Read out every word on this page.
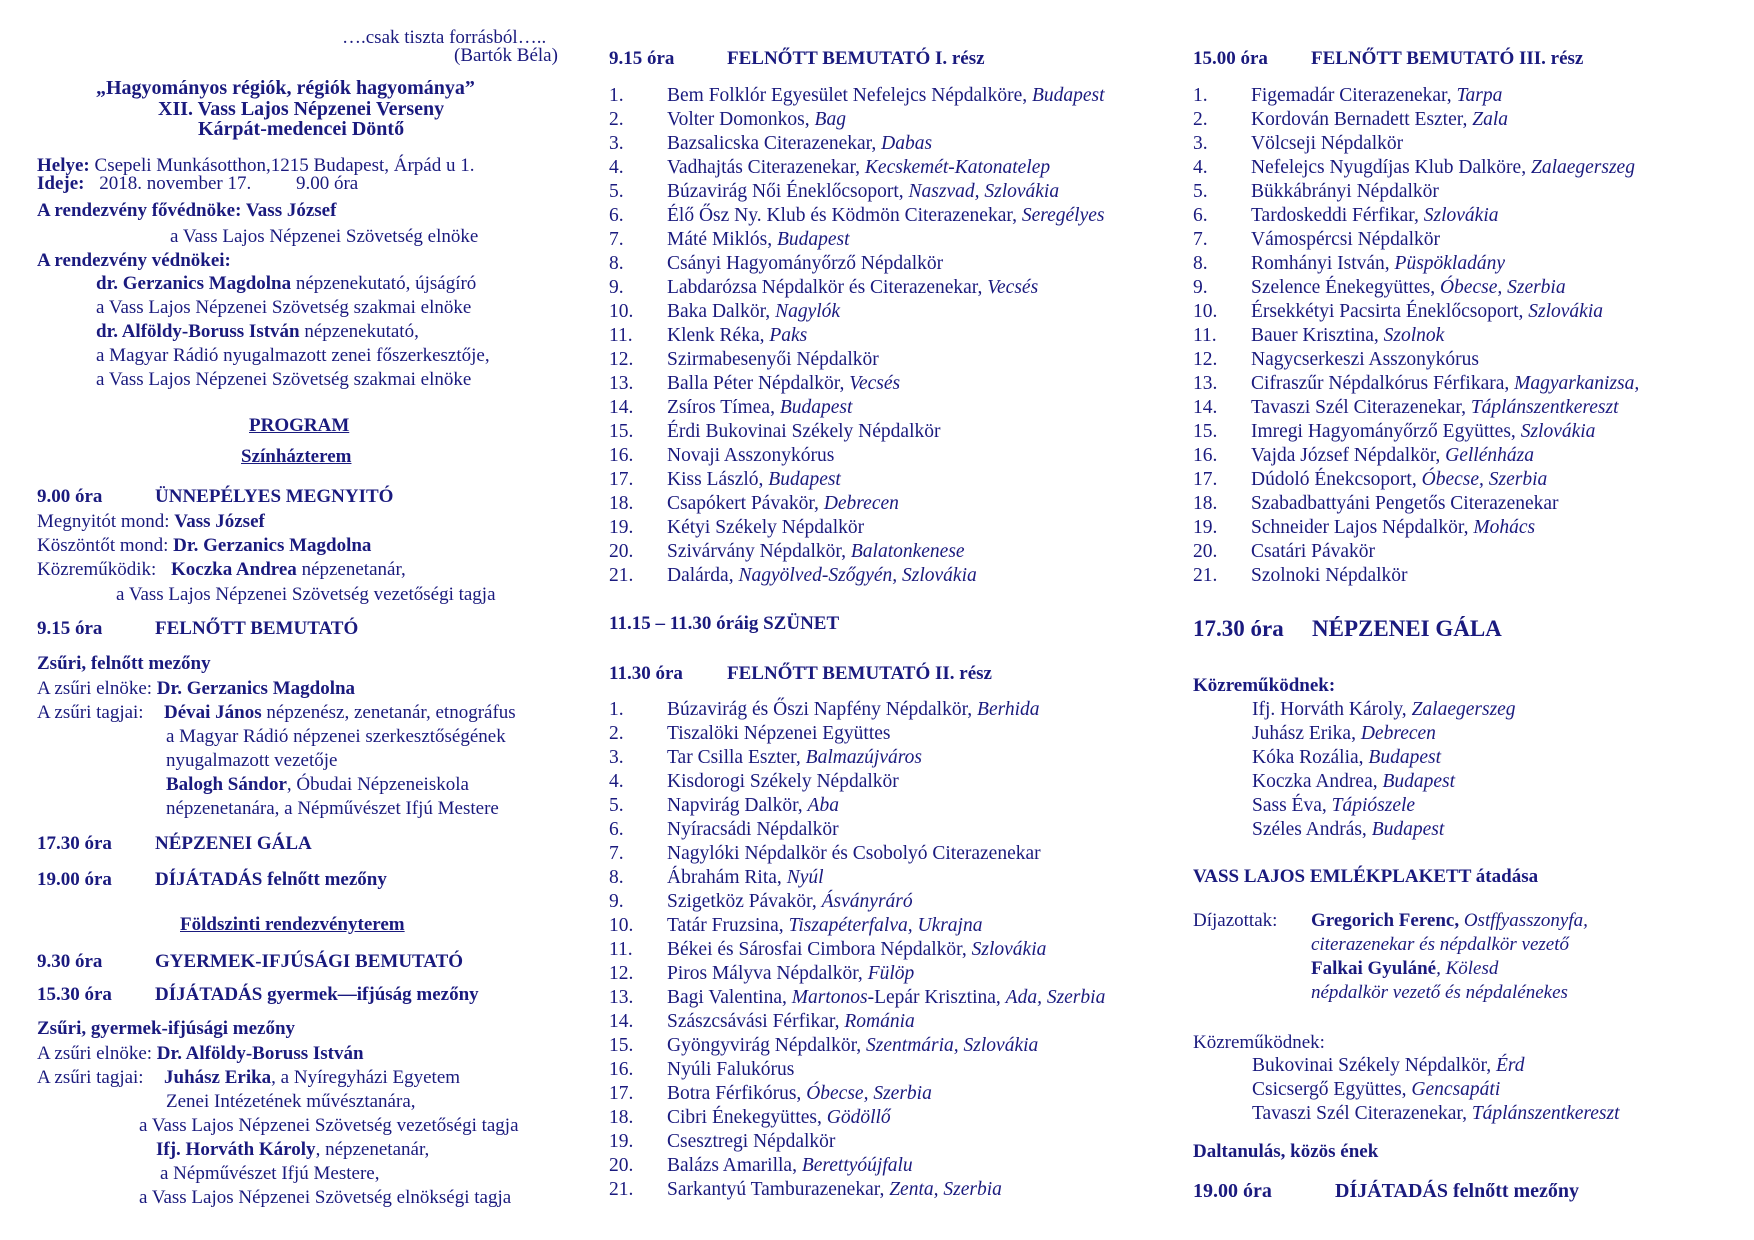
….csak tiszta forrásból…..
(Bartók Béla)
„Hagyományos régiók, régiók hagyománya”
XII. Vass Lajos Népzenei Verseny
Kárpát-medencei Döntő
Helye: Csepeli Munkásotthon,1215 Budapest, Árpád u 1.
Ideje: 2018. november 17. 9.00 óra
A rendezvény fővédnöke: Vass József
a Vass Lajos Népzenei Szövetség elnöke
A rendezvény védnökei:
dr. Gerzanics Magdolna népzenekutató, újságíró
a Vass Lajos Népzenei Szövetség szakmai elnöke
dr. Alföldy-Boruss István népzenekutató,
a Magyar Rádió nyugalmazott zenei főszerkesztője,
a Vass Lajos Népzenei Szövetség szakmai elnöke
PROGRAM
Színházterem
9.00 óra	ÜNNEPÉLYES MEGNYITÓ
Megnyitót mond: Vass József
Köszöntőt mond: Dr. Gerzanics Magdolna
Közreműködik: Koczka Andrea népzenetanár,
a Vass Lajos Népzenei Szövetség vezetőségi tagja
9.15 óra	FELNŐTT BEMUTATÓ
Zsűri, felnőtt mezőny
A zsűri elnöke: Dr. Gerzanics Magdolna
A zsűri tagjai: Dévai János népzenész, zenetanár, etnográfus
a Magyar Rádió népzenei szerkesztőségének
nyugalmazott vezetője
Balogh Sándor, Óbudai Népzeneiskola
népzenetanára, a Népművészet Ifjú Mestere
17.30 óra NÉPZENEI GÁLA
19.00 óra DÍJÁTADÁS felnőtt mezőny
Földszinti rendezvényterem
9.30 óra	GYERMEK-IFJÚSÁGI BEMUTATÓ
15.30 óra DÍJÁTADÁS gyermek—ifjúság mezőny
Zsűri, gyermek-ifjúsági mezőny
A zsűri elnöke: Dr. Alföldy-Boruss István
A zsűri tagjai: Juhász Erika, a Nyíregyházi Egyetem
Zenei Intézetének művésztanára,
a Vass Lajos Népzenei Szövetség vezetőségi tagja
Ifj. Horváth Károly, népzenetanár,
a Népművészet Ifjú Mestere,
a Vass Lajos Népzenei Szövetség elnökségi tagja
9.15 óra	FELNŐTT BEMUTATÓ I. rész
1. Bem Folklór Egyesület Nefelejcs Népdalköre, Budapest
2. Volter Domonkos, Bag
3. Bazsalicska Citerazenekar, Dabas
4. Vadhajtás Citerazenekar, Kecskemét-Katonatelep
5. Búzavirág Női Éneklőcsoport, Naszvad, Szlovákia
6. Élő Ősz Ny. Klub és Ködmön Citerazenekar, Seregélyes
7. Máté Miklós, Budapest
8. Csányi Hagyományőrző Népdalkör
9. Labdarózsa Népdalkör és Citerazenekar, Vecsés
10. Baka Dalkör, Nagylók
11. Klenk Réka, Paks
12. Szirmabesenyői Népdalkör
13. Balla Péter Népdalkör, Vecsés
14. Zsíros Tímea, Budapest
15. Érdi Bukovinai Székely Népdalkör
16. Novaji Asszonykórus
17. Kiss László, Budapest
18. Csapókert Pávakör, Debrecen
19. Kétyi Székely Népdalkör
20. Szivárvány Népdalkör, Balatonkenese
21. Dalárda, Nagyölved-Szőgyén, Szlovákia
11.15 – 11.30 óráig SZÜNET
11.30 óra FELNŐTT BEMUTATÓ II. rész
1. Búzavirág és Őszi Napfény Népdalkör, Berhida
2. Tiszalöki Népzenei Együttes
3. Tar Csilla Eszter, Balmazújváros
4. Kisdorogi Székely Népdalkör
5. Napvirág Dalkör, Aba
6. Nyíracsádi Népdalkör
7. Nagylóki Népdalkör és Csobolyó Citerazenekar
8. Ábrahám Rita, Nyúl
9. Szigetköz Pávakör, Ásványráró
10. Tatár Fruzsina, Tiszapéterfalva, Ukrajna
11. Békei és Sárosfai Cimbora Népdalkör, Szlovákia
12. Piros Mályva Népdalkör, Fülöp
13. Bagi Valentina, Martonos-Lepár Krisztina, Ada, Szerbia
14. Szászcsávási Férfikar, Románia
15. Gyöngyvirág Népdalkör, Szentmária, Szlovákia
16. Nyúli Falukórus
17. Botra Férfikórus, Óbecse, Szerbia
18. Cibri Énekegyüttes, Gödöllő
19. Csesztregi Népdalkör
20. Balázs Amarilla, Berettyóújfalu
21. Sarkantyú Tamburazenekar, Zenta, Szerbia
15.00 óra FELNŐTT BEMUTATÓ III. rész
1. Figemadár Citerazenekar, Tarpa
2. Kordován Bernadett Eszter, Zala
3. Völcseji Népdalkör
4. Nefelejcs Nyugdíjas Klub Dalköre, Zalaegerszeg
5. Bükkábrányi Népdalkör
6. Tardoskeddi Férfikar, Szlovákia
7. Vámospércsi Népdalkör
8. Romhányi István, Püspökladány
9. Szelence Énekegyüttes, Óbecse, Szerbia
10. Érsekkétyi Pacsirta Éneklőcsoport, Szlovákia
11. Bauer Krisztina, Szolnok
12. Nagycserkeszi Asszonykórus
13. Cifraszűr Népdalkórus Férfikara, Magyarkanizsa,
14. Tavaszi Szél Citerazenekar, Táplánszentkereszt
15. Imregi Hagyományőrző Együttes, Szlovákia
16. Vajda József Népdalkör, Gellénháza
17. Dúdoló Énekcsoport, Óbecse, Szerbia
18. Szabadbattyáni Pengetős Citerazenekar
19. Schneider Lajos Népdalkör, Mohács
20. Csatári Pávakör
21. Szolnoki Népdalkör
17.30 óra NÉPZENEI GÁLA
Közreműködnek:
Ifj. Horváth Károly, Zalaegerszeg
Juhász Erika, Debrecen
Kóka Rozália, Budapest
Koczka Andrea, Budapest
Sass Éva, Tápiószele
Széles András, Budapest
VASS LAJOS EMLÉKPLAKETT átadása
Díjazottak: Gregorich Ferenc, Ostffyasszonyfa,
citerazenekar és népdalkör vezető
Falkai Gyuláné, Kölesd
népdalkör vezető és népdalénekes
Közreműködnek:
Bukovinai Székely Népdalkör, Érd
Csicsergő Együttes, Gencsapáti
Tavaszi Szél Citerazenekar, Táplánszentkereszt
Daltanulás, közös ének
19.00 óra	DÍJÁTADÁS felnőtt mezőny
